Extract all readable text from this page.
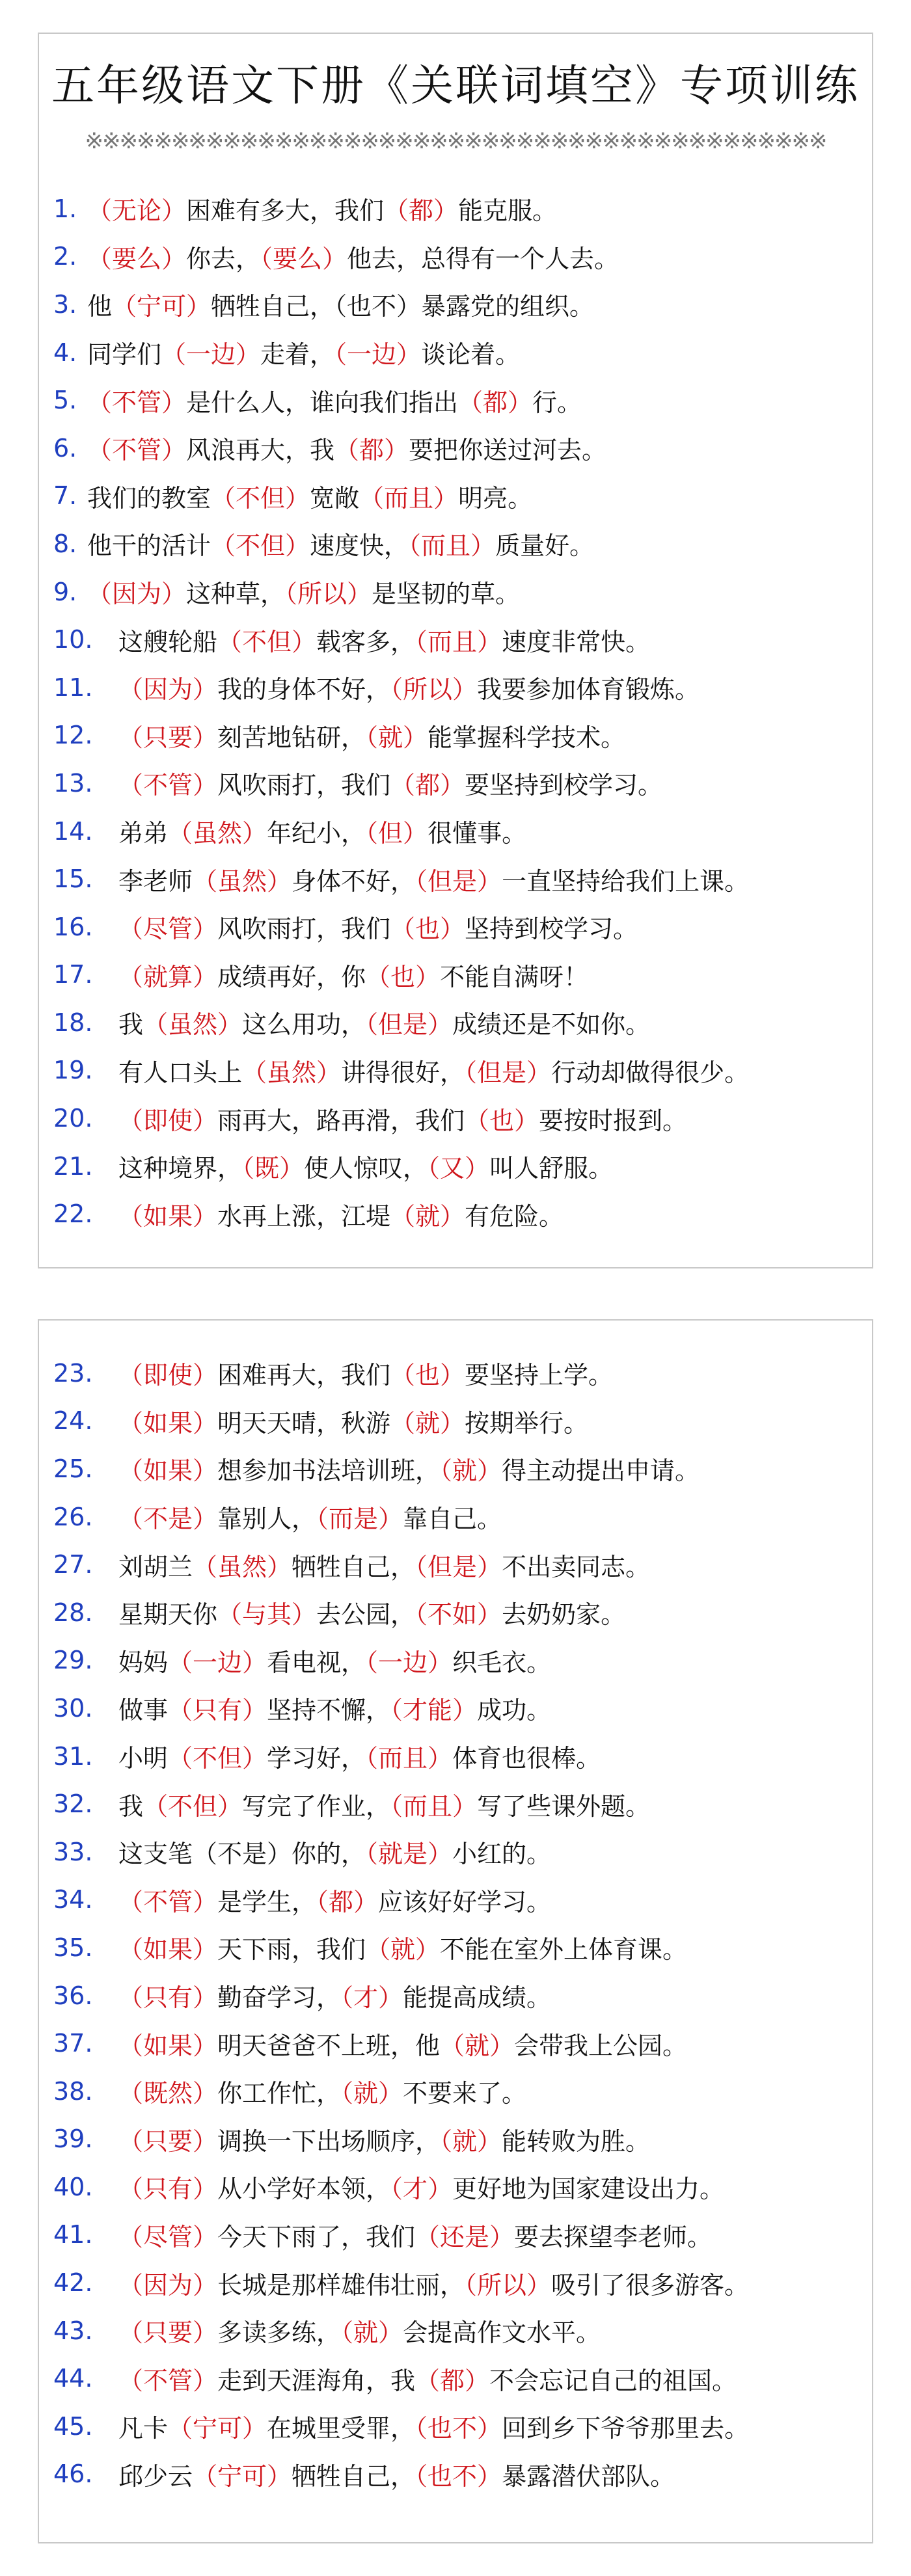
五年级语文下册《关联词填空》专项训练
※※※※※※※※※※※※※※※※※※※※※※※※※※※※※※※※※※※※※※※※※※※
1. （无论）困难有多大，我们（都）能克服。
2. （要么）你去，（要么）他去，总得有一个人去。
3. 他（宁可）牺牲自己，（也不）暴露党的组织。
4. 同学们（一边）走着，（一边）谈论着。
5. （不管）是什么人，谁向我们指出（都）行。
6. （不管）风浪再大，我（都）要把你送过河去。
7. 我们的教室（不但）宽敞（而且）明亮。
8. 他干的活计（不但）速度快，（而且）质量好。
9. （因为）这种草，（所以）是坚韧的草。
10.	这艘轮船（不但）载客多，（而且）速度非常快。
11.	（因为）我的身体不好，（所以）我要参加体育锻炼。
12.	（只要）刻苦地钻研，（就）能掌握科学技术。
13.	（不管）风吹雨打，我们（都）要坚持到校学习。
14.	弟弟（虽然）年纪小，（但）很懂事。
15.	李老师（虽然）身体不好，（但是）一直坚持给我们上课。
16.	（尽管）风吹雨打，我们（也）坚持到校学习。
17.	（就算）成绩再好，你（也）不能自满呀！
18.	我（虽然）这么用功，（但是）成绩还是不如你。
19.	有人口头上（虽然）讲得很好，（但是）行动却做得很少。
20.	（即使）雨再大，路再滑，我们（也）要按时报到。
21.	这种境界，（既）使人惊叹，（又）叫人舒服。
22.	（如果）水再上涨，江堤（就）有危险。
23.	（即使）困难再大，我们（也）要坚持上学。
24.	（如果）明天天晴，秋游（就）按期举行。
25.	（如果）想参加书法培训班，（就）得主动提出申请。
26.	（不是）靠别人，（而是）靠自己。
27.	刘胡兰（虽然）牺牲自己，（但是）不出卖同志。
28.	星期天你（与其）去公园，（不如）去奶奶家。
29.	妈妈（一边）看电视，（一边）织毛衣。
30.	做事（只有）坚持不懈，（才能）成功。
31.	小明（不但）学习好，（而且）体育也很棒。
32.	我（不但）写完了作业，（而且）写了些课外题。
33.	这支笔（不是）你的，（就是）小红的。
34.	（不管）是学生，（都）应该好好学习。
35.	（如果）天下雨，我们（就）不能在室外上体育课。
36.	（只有）勤奋学习，（才）能提高成绩。
37.	（如果）明天爸爸不上班，他（就）会带我上公园。
38.	（既然）你工作忙，（就）不要来了。
39.	（只要）调换一下出场顺序，（就）能转败为胜。
40.	（只有）从小学好本领，（才）更好地为国家建设出力。
41.	（尽管）今天下雨了，我们（还是）要去探望李老师。
42.	（因为）长城是那样雄伟壮丽，（所以）吸引了很多游客。
43.	（只要）多读多练，（就）会提高作文水平。
44.	（不管）走到天涯海角，我（都）不会忘记自己的祖国。
45.	凡卡（宁可）在城里受罪，（也不）回到乡下爷爷那里去。
46.	邱少云（宁可）牺牲自己，（也不）暴露潜伏部队。
